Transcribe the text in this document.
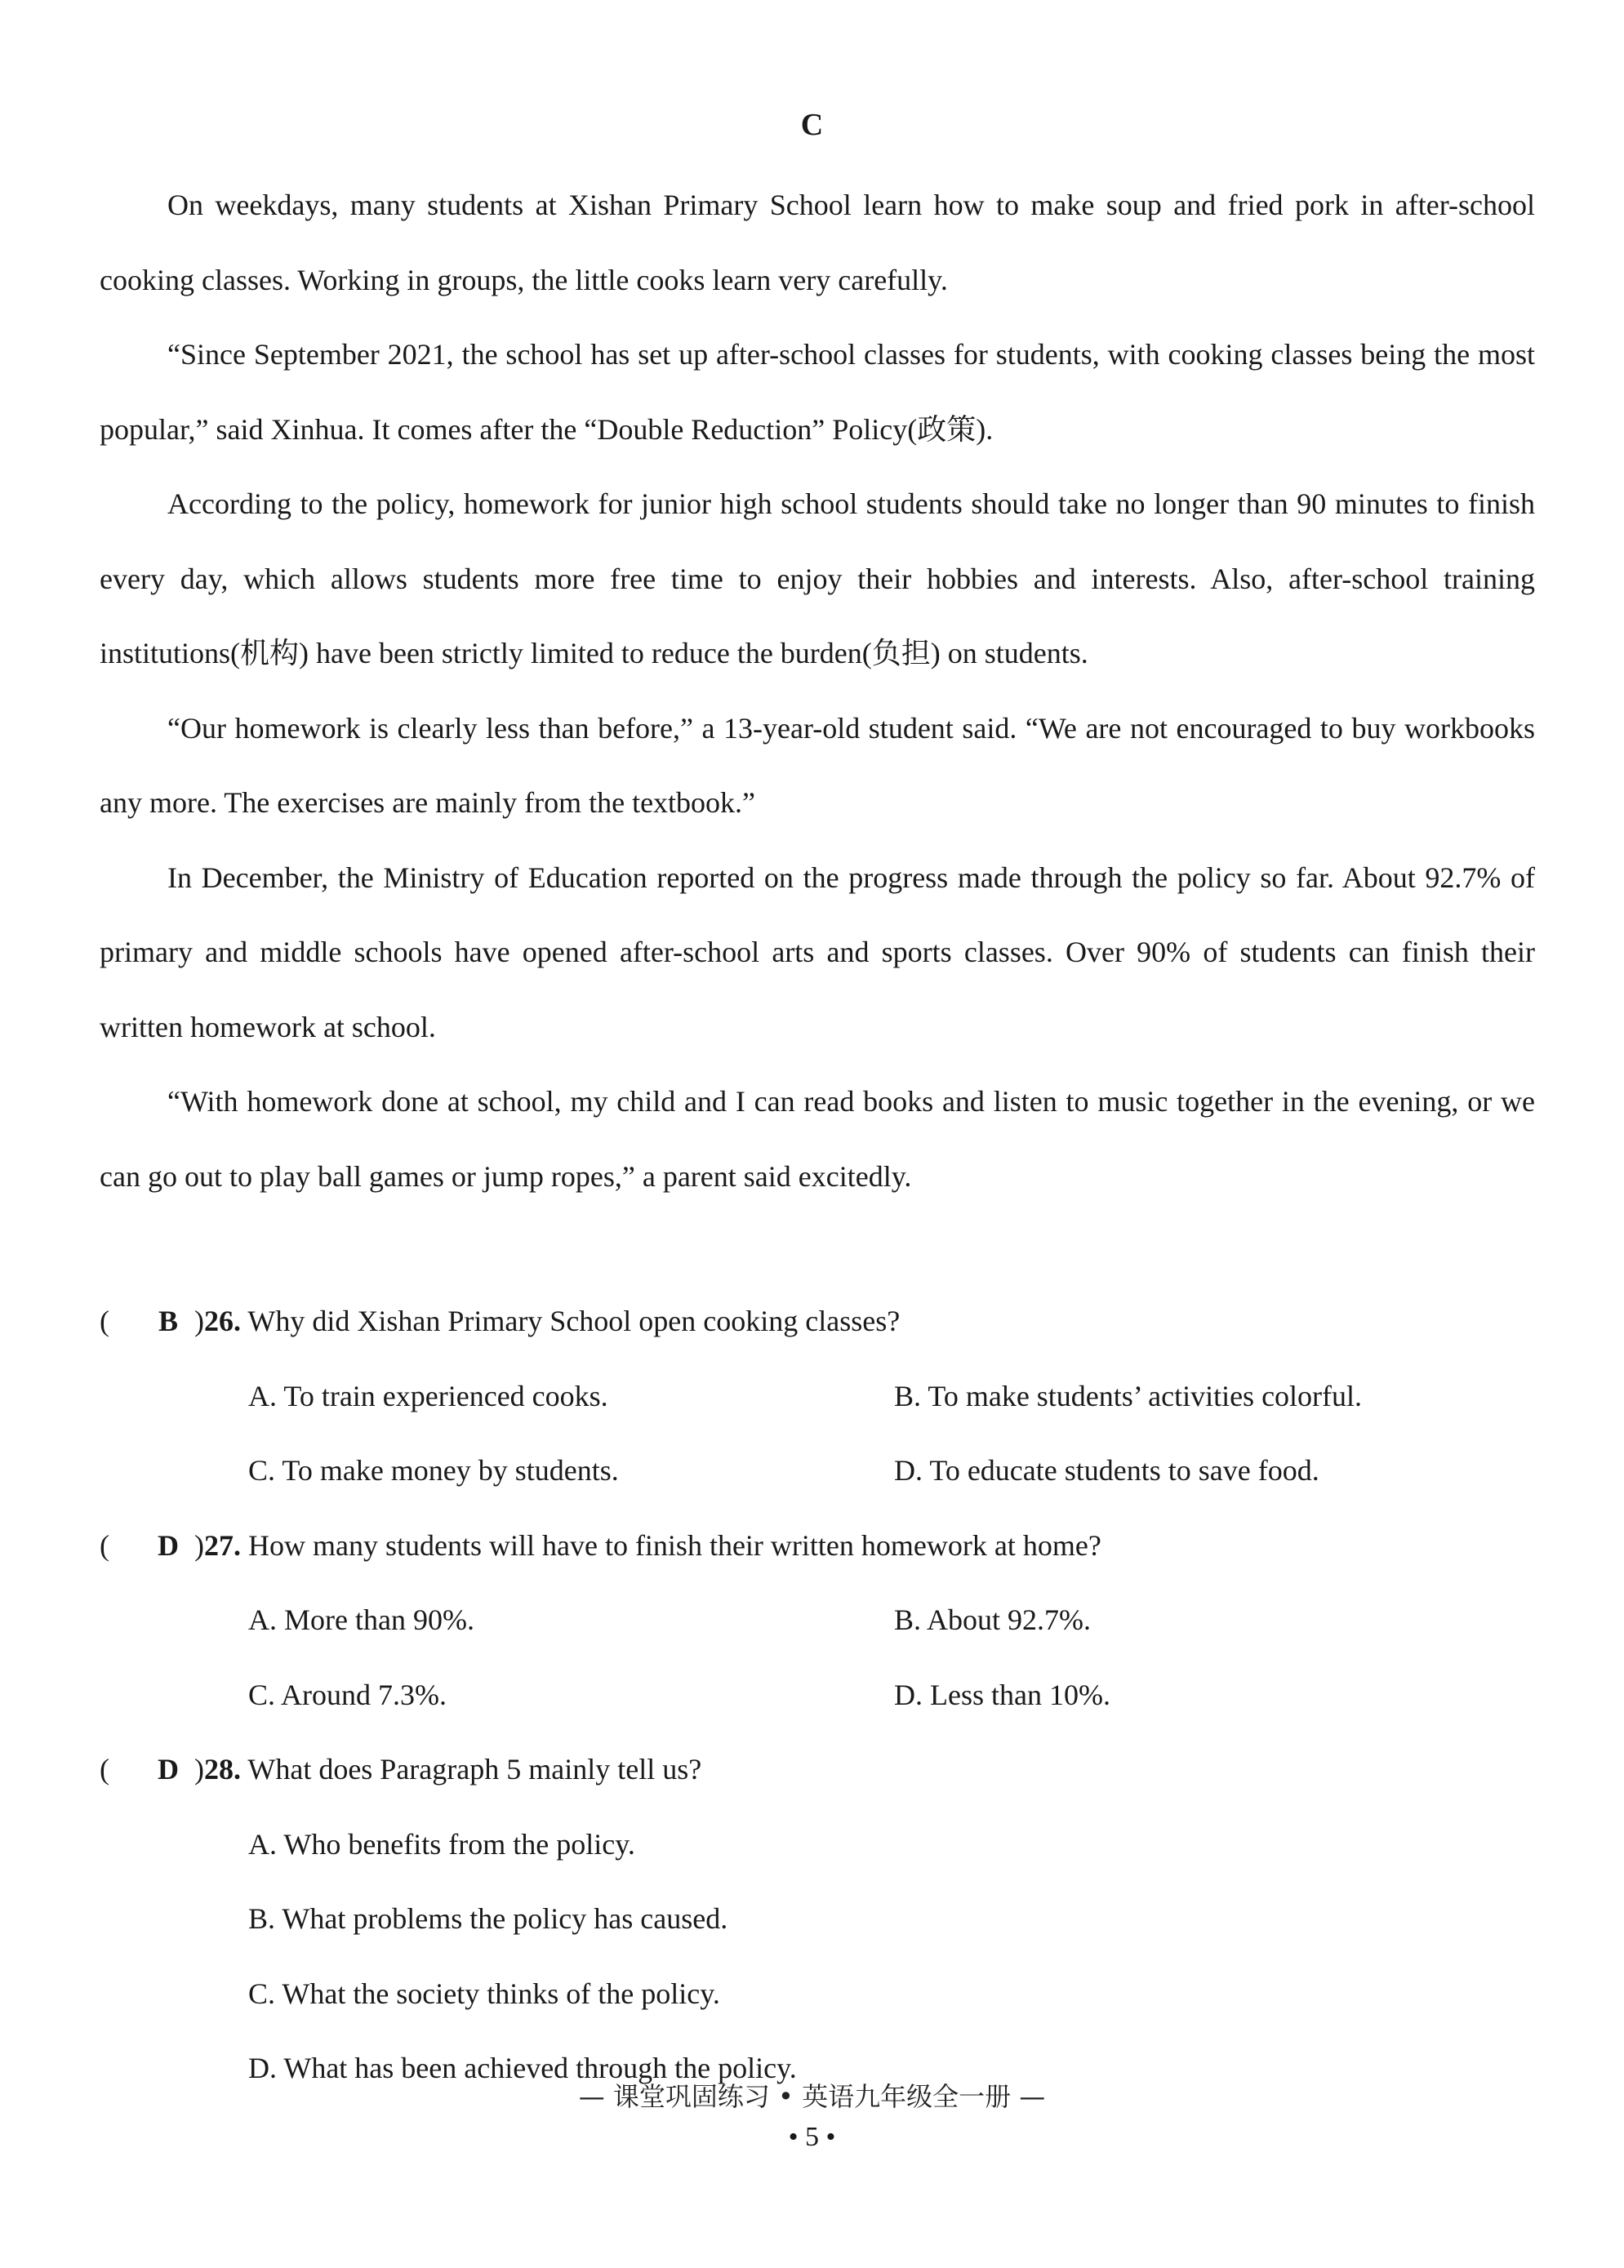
C

On weekdays, many students at Xishan Primary School learn how to make soup and fried pork in after-school cooking classes. Working in groups, the little cooks learn very carefully.

“Since September 2021, the school has set up after-school classes for students, with cooking classes being the most popular,” said Xinhua. It comes after the “Double Reduction” Policy(政策).

According to the policy, homework for junior high school students should take no longer than 90 minutes to finish every day, which allows students more free time to enjoy their hobbies and interests. Also, after-school training institutions(机构) have been strictly limited to reduce the burden(负担) on students.

“Our homework is clearly less than before,” a 13-year-old student said. “We are not encouraged to buy workbooks any more. The exercises are mainly from the textbook.”

In December, the Ministry of Education reported on the progress made through the policy so far. About 92.7% of primary and middle schools have opened after-school arts and sports classes. Over 90% of students can finish their written homework at school.

“With homework done at school, my child and I can read books and listen to music together in the evening, or we can go out to play ball games or jump ropes,” a parent said excitedly.

( B )26. Why did Xishan Primary School open cooking classes?
A. To train experienced cooks.	B. To make students’ activities colorful.
C. To make money by students.	D. To educate students to save food.
( D )27. How many students will have to finish their written homework at home?
A. More than 90%.	B. About 92.7%.
C. Around 7.3%.	D. Less than 10%.
( D )28. What does Paragraph 5 mainly tell us?
A. Who benefits from the policy.
B. What problems the policy has caused.
C. What the society thinks of the policy.
D. What has been achieved through the policy.
— 课堂巩固练习 • 英语九年级全一册 —
• 5 •
